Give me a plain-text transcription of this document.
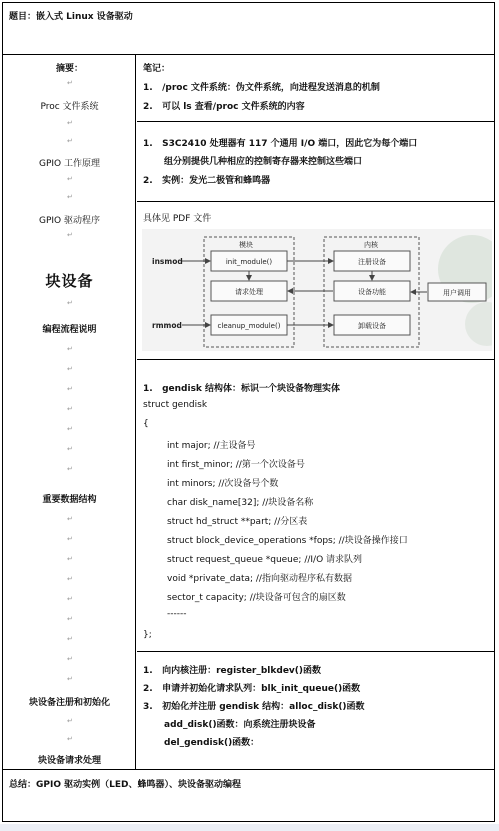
题目：嵌入式 Linux 设备驱动
摘要：
↵
Proc 文件系统
↵
↵
GPIO 工作原理
↵
↵
GPIO 驱动程序
↵
块设备
↵
编程流程说明
↵
↵
↵
↵
↵
↵
↵
重要数据结构
↵
↵
↵
↵
↵
↵
↵
↵
↵
块设备注册和初始化
↵
↵
块设备请求处理
笔记：
1.   /proc 文件系统：伪文件系统，向进程发送消息的机制
2.   可以 ls 查看/proc 文件系统的内容
1.   S3C2410 处理器有 117 个通用 I/O 端口，因此它为每个端口
组分别提供几种相应的控制寄存器来控制这些端口
2.   实例：发光二极管和蜂鸣器
具体见 PDF 文件
insmod
rmmod
模块	内核
init_module()
请求处理
cleanup_module()
注册设备
设备功能
卸载设备
用户调用
1.   gendisk 结构体：标识一个块设备物理实体
struct gendisk
{
int major; //主设备号
int first_minor; //第一个次设备号
int minors; //次设备号个数
char disk_name[32]; //块设备名称
struct hd_struct **part; //分区表
struct block_device_operations *fops; //块设备操作接口
struct request_queue *queue; //I/O 请求队列
void *private_data; //指向驱动程序私有数据
sector_t capacity; //块设备可包含的扇区数
------
};
1.   向内核注册：register_blkdev()函数
2.   申请并初始化请求队列：blk_init_queue()函数
3.   初始化并注册 gendisk 结构：alloc_disk()函数
add_disk()函数：向系统注册块设备
del_gendisk()函数：
总结：GPIO 驱动实例（LED、蜂鸣器）、块设备驱动编程
